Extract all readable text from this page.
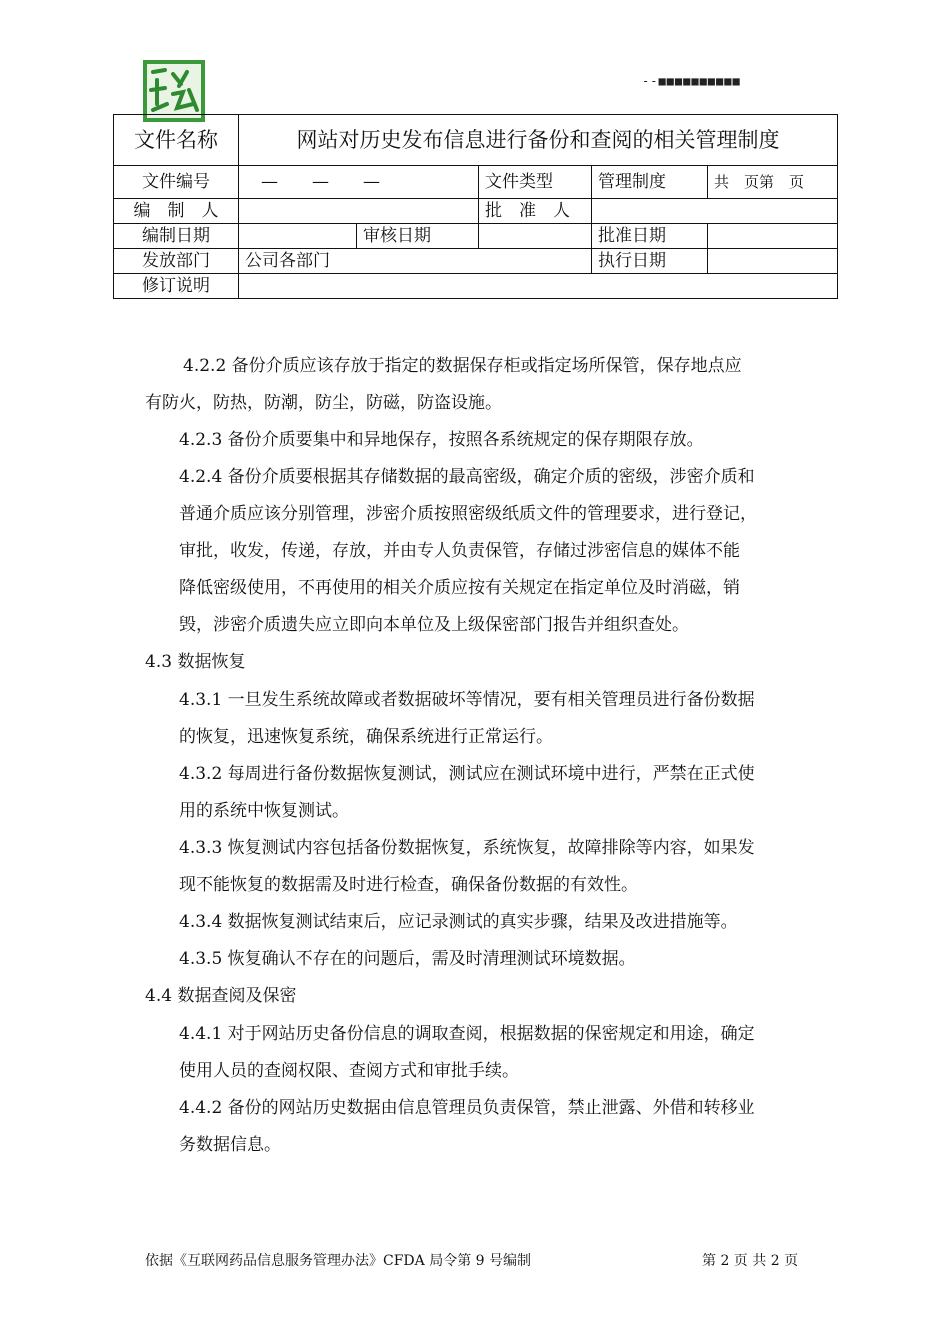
--■■■■■■■■■■
文件名称	网站对历史发布信息进行备份和查阅的相关管理制度				
文件编号	—　　—　　—		文件类型	管理制度	共　页第　页
编　制　人			批　准　人		
编制日期		审核日期		批准日期	
发放部门	公司各部门			执行日期	
修订说明					
4.2.2 备份介质应该存放于指定的数据保存柜或指定场所保管，保存地点应
有防火，防热，防潮，防尘，防磁，防盗设施。
4.2.3 备份介质要集中和异地保存，按照各系统规定的保存期限存放。
4.2.4 备份介质要根据其存储数据的最高密级，确定介质的密级，涉密介质和
普通介质应该分别管理，涉密介质按照密级纸质文件的管理要求，进行登记，
审批，收发，传递，存放，并由专人负责保管，存储过涉密信息的媒体不能
降低密级使用，不再使用的相关介质应按有关规定在指定单位及时消磁，销
毁，涉密介质遗失应立即向本单位及上级保密部门报告并组织查处。
4.3 数据恢复
4.3.1 一旦发生系统故障或者数据破坏等情况，要有相关管理员进行备份数据
的恢复，迅速恢复系统，确保系统进行正常运行。
4.3.2 每周进行备份数据恢复测试，测试应在测试环境中进行，严禁在正式使
用的系统中恢复测试。
4.3.3 恢复测试内容包括备份数据恢复，系统恢复，故障排除等内容，如果发
现不能恢复的数据需及时进行检查，确保备份数据的有效性。
4.3.4 数据恢复测试结束后，应记录测试的真实步骤，结果及改进措施等。
4.3.5 恢复确认不存在的问题后，需及时清理测试环境数据。
4.4 数据查阅及保密
4.4.1 对于网站历史备份信息的调取查阅，根据数据的保密规定和用途，确定
使用人员的查阅权限、查阅方式和审批手续。
4.4.2 备份的网站历史数据由信息管理员负责保管，禁止泄露、外借和转移业
务数据信息。
依据《互联网药品信息服务管理办法》CFDA 局令第 9 号编制	第 2 页 共 2 页
